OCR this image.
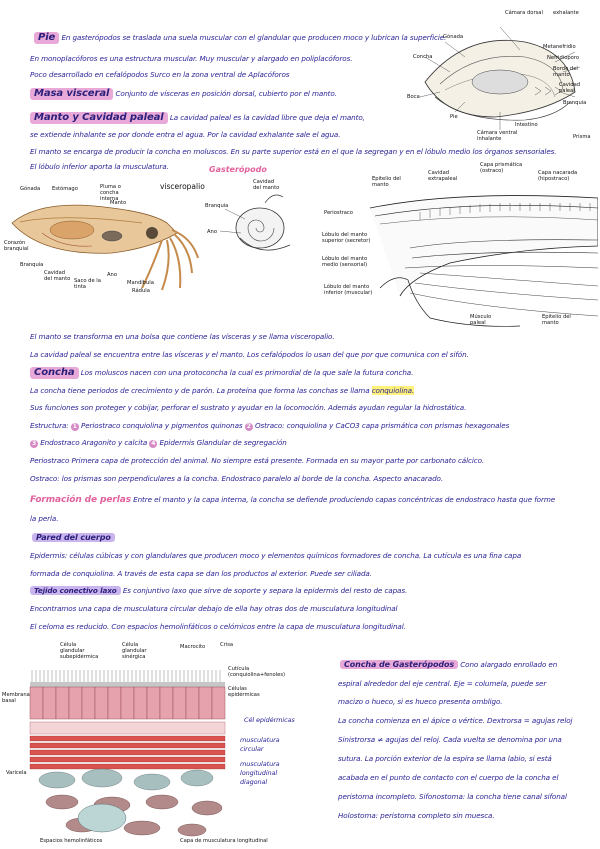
Pie En gasterópodos se traslada una suela muscular con el glandular que producen moco y lubrican la superficie.
En monoplacóforos es una estructura muscular. Muy muscular y alargado en poliplacóforos.
Poco desarrollado en cefalópodos Surco en la zona ventral de Aplacóforos
Masa visceral Conjunto de vísceras en posición dorsal, cubierto por el manto.
Manto y Cavidad paleal La cavidad paleal es la cavidad libre que deja el manto,
se extiende inhalante se por donde entra el agua. Por la cavidad exhalante sale el agua.
El manto se encarga de producir la concha en moluscos. En su parte superior está en el que la segregan y en el lóbulo medio los órganos sensoriales.
El lóbulo inferior aporta la musculatura.
Cámara dorsal exhalante
Gónada
Metanefridio
Nefridioporo
Borde del manto
Cavidad paleal
Branquia
Concha
Boca
Pie
Intestino
Cámara ventral inhalante	Prisma
Gónada Estómago	Pluma o concha interna
Manto
visceropalio
Corazón branquial
Branquia
Cavidad del manto Saco de la tinta
Ano
Mandíbula
Rádula
Gasterópodo
Cavidad del manto
Branquia
Ano
Cavidad extrapaleal
Capa prismática (ostraco)	Capa nacarada (hipostraco)
Epitelio del manto
Periostraco
Lóbulo del manto superior (secretor)
Lóbulo del manto medio (sensorial)
Lóbulo del manto inferior (muscular)
Músculo paleal
Epitelio del manto
El manto se transforma en una bolsa que contiene las vísceras y se llama visceropalio.
La cavidad paleal se encuentra entre las vísceras y el manto. Los cefalópodos lo usan del que por que comunica con el sifón.
Concha Los moluscos nacen con una protoconcha la cual es primordial de la que sale la futura concha.
La concha tiene periodos de crecimiento y de parón. La proteína que forma las conchas se llama conquiolina.
Sus funciones son proteger y cobijar, perforar el sustrato y ayudar en la locomoción. Además ayudan regular la hidrostática.
Estructura: 1 Periostraco conquiolina y pigmentos quinonas 2 Ostraco: conquiolina y CaCO3 capa prismática con prismas hexagonales
3 Endostraco Aragonito y calcita 4 Epidermis Glandular de segregación
Periostraco Primera capa de protección del animal. No siempre está presente. Formada en su mayor parte por carbonato cálcico.
Ostraco: los prismas son perpendiculares a la concha. Endostraco paralelo al borde de la concha. Aspecto anacarado.
Formación de perlas Entre el manto y la capa interna, la concha se defiende produciendo capas concéntricas de endostraco hasta que forme
la perla.
Pared del cuerpo
Epidermis: células cúbicas y con glandulares que producen moco y elementos químicos formadores de concha. La cutícula es una fina capa
formada de conquiolina. A través de esta capa se dan los productos al exterior. Puede ser ciliada.
Tejido conectivo laxo Es conjuntivo laxo que sirve de soporte y separa la epidermis del resto de capas.
Encontramos una capa de musculatura circular debajo de ella hay otras dos de musculatura longitudinal
El celoma es reducido. Con espacios hemolinfáticos o celómicos entre la capa de musculatura longitudinal.
Célula glandular subepidérmica
Célula glandular sinérgica
Macrocito	Crisa
Cutícula (conquiolina+fenoles)
Membrana basal
Células epidérmicas
Varicela
Espacios hemolinfáticos	Capa de musculatura longitudinal
Cél epidérmicas
musculatura circular
musculatura longitudinal diagonal
Concha de Gasterópodos Cono alargado enrollado en
espiral alrededor del eje central. Eje = columela, puede ser
macizo o hueco, si es hueco presenta ombligo.
La concha comienza en el ápice o vértice. Dextrorsa = agujas reloj
Sinistrorsa ≠ agujas del reloj. Cada vuelta se denomina por una
sutura. La porción exterior de la espira se llama labio, si está
acabada en el punto de contacto con el cuerpo de la concha el
peristoma incompleto. Sifonostoma: la concha tiene canal sifonal
Holostoma: peristoma completo sin muesca.
